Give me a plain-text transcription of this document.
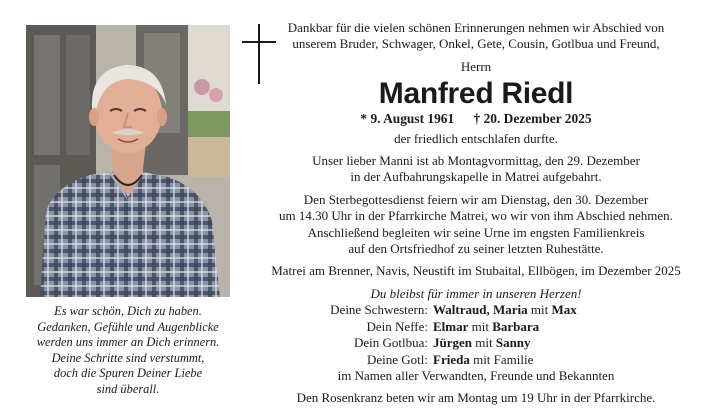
Es war schön, Dich zu haben.
Gedanken, Gefühle und Augenblicke
werden uns immer an Dich erinnern.
Deine Schritte sind verstummt,
doch die Spuren Deiner Liebe
sind überall.
Dankbar für die vielen schönen Erinnerungen nehmen wir Abschied von
unserem Bruder, Schwager, Onkel, Gete, Cousin, Gotlbua und Freund,
Herrn
Manfred Riedl
* 9. August 1961 † 20. Dezember 2025
der friedlich entschlafen durfte.
Unser lieber Manni ist ab Montagvormittag, den 29. Dezember
in der Aufbahrungskapelle in Matrei aufgebahrt.
Den Sterbegottesdienst feiern wir am Dienstag, den 30. Dezember
um 14.30 Uhr in der Pfarrkirche Matrei, wo wir von ihm Abschied nehmen.
Anschließend begleiten wir seine Urne im engsten Familienkreis
auf den Ortsfriedhof zu seiner letzten Ruhestätte.
Matrei am Brenner, Navis, Neustift im Stubaital, Ellbögen, im Dezember 2025
Du bleibst für immer in unseren Herzen!
Deine Schwestern: Waltraud, Maria mit Max
Dein Neffe: Elmar mit Barbara
Dein Gotlbua: Jürgen mit Sanny
Deine Gotl: Frieda mit Familie
im Namen aller Verwandten, Freunde und Bekannten
Den Rosenkranz beten wir am Montag um 19 Uhr in der Pfarrkirche.
